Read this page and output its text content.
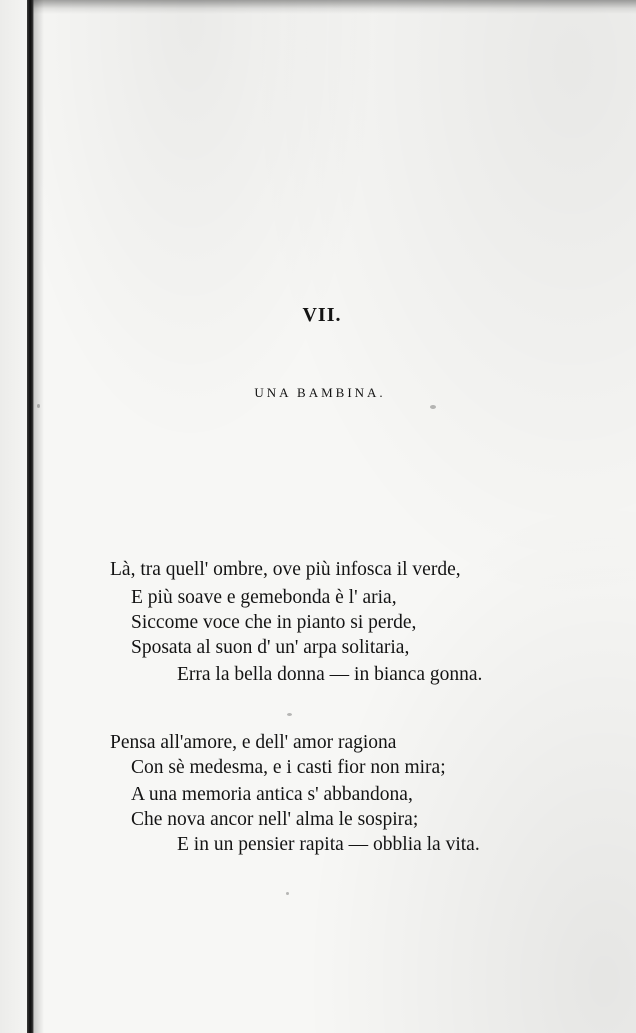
VII.
UNA BAMBINA.
Là, tra quell' ombre, ove più infosca il verde,
E più soave e gemebonda è l' aria,
Siccome voce che in pianto si perde,
Sposata al suon d' un' arpa solitaria,
Erra la bella donna — in bianca gonna.
Pensa all'amore, e dell' amor ragiona
Con sè medesma, e i casti fior non mira;
A una memoria antica s' abbandona,
Che nova ancor nell' alma le sospira;
E in un pensier rapita — obblia la vita.
